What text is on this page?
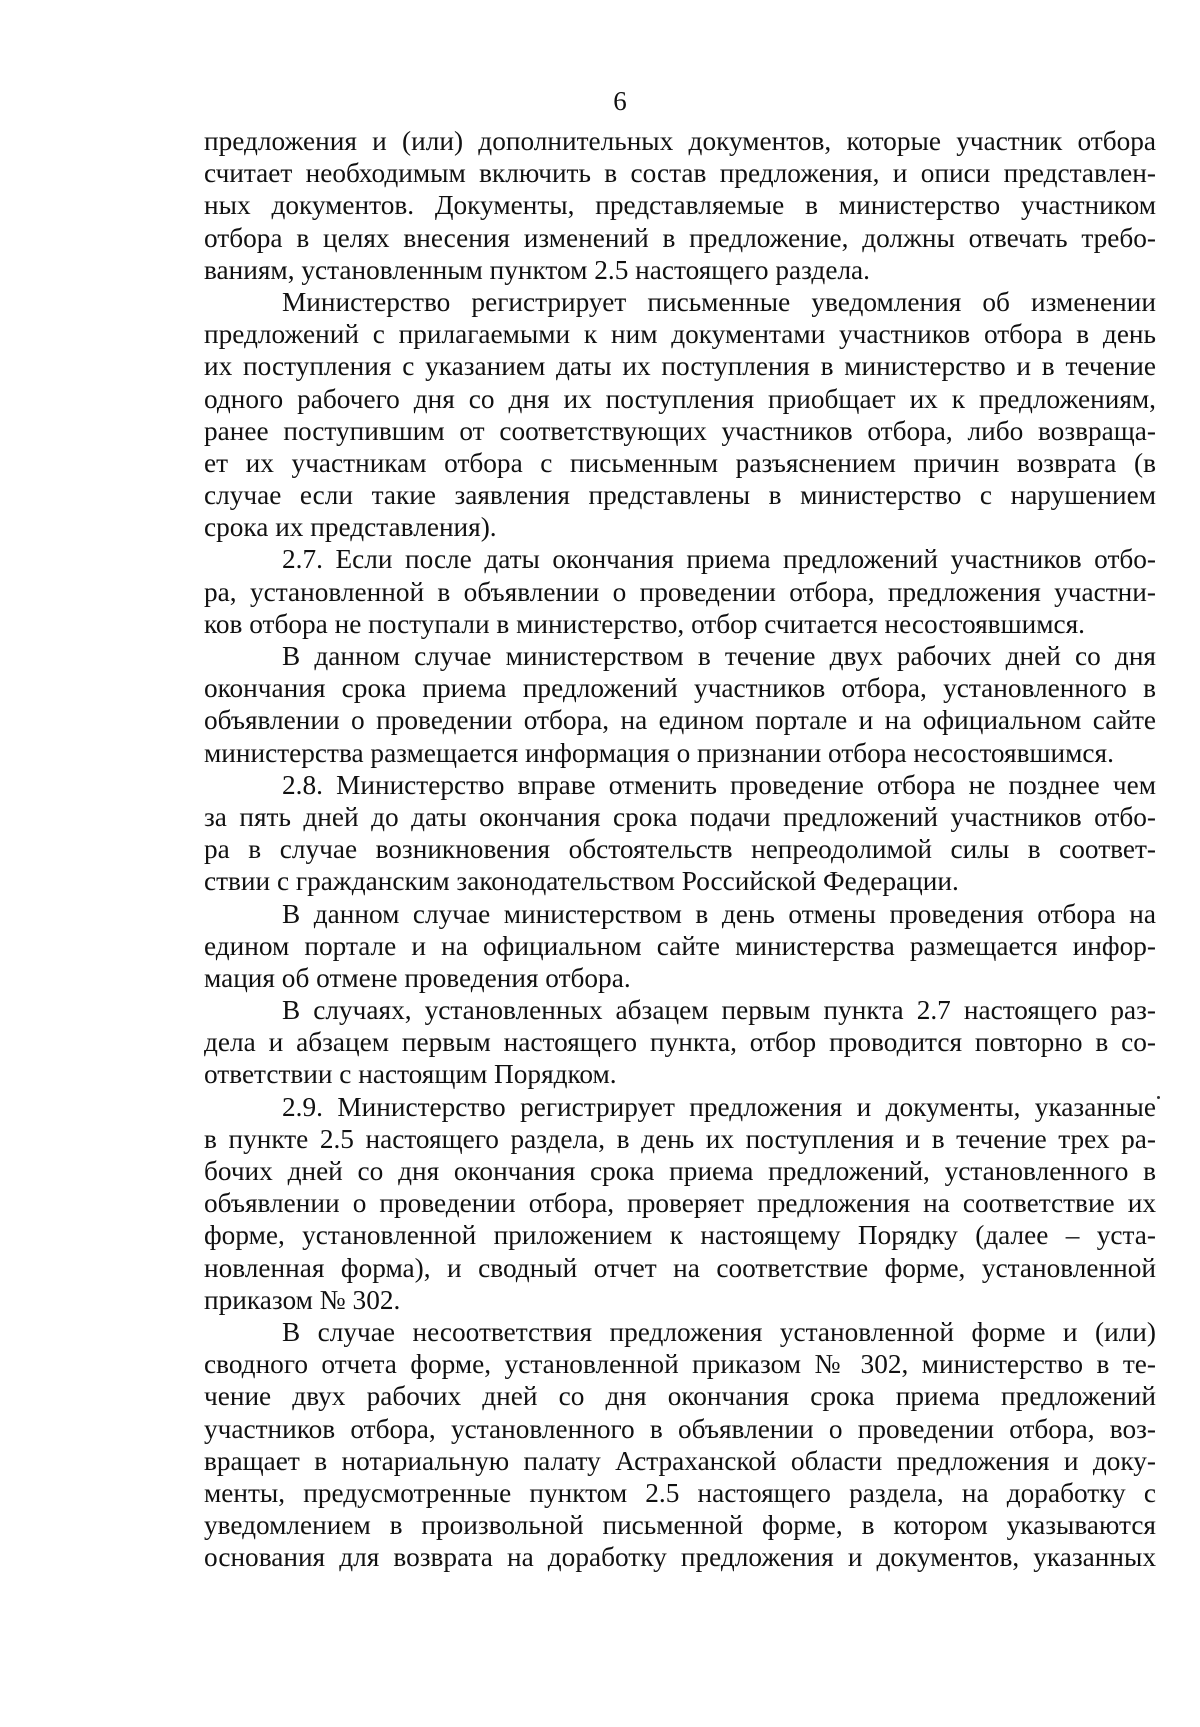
6
предложения и (или) дополнительных документов, которые участник отбора
считает необходимым включить в состав предложения, и описи представлен-
ных документов. Документы, представляемые в министерство участником
отбора в целях внесения изменений в предложение, должны отвечать требо-
ваниям, установленным пунктом 2.5 настоящего раздела.
Министерство регистрирует письменные уведомления об изменении
предложений с прилагаемыми к ним документами участников отбора в день
их поступления с указанием даты их поступления в министерство и в течение
одного рабочего дня со дня их поступления приобщает их к предложениям,
ранее поступившим от соответствующих участников отбора, либо возвраща-
ет их участникам отбора с письменным разъяснением причин возврата (в
случае если такие заявления представлены в министерство с нарушением
срока их представления).
2.7. Если после даты окончания приема предложений участников отбо-
ра, установленной в объявлении о проведении отбора, предложения участни-
ков отбора не поступали в министерство, отбор считается несостоявшимся.
В данном случае министерством в течение двух рабочих дней со дня
окончания срока приема предложений участников отбора, установленного в
объявлении о проведении отбора, на едином портале и на официальном сайте
министерства размещается информация о признании отбора несостоявшимся.
2.8. Министерство вправе отменить проведение отбора не позднее чем
за пять дней до даты окончания срока подачи предложений участников отбо-
ра в случае возникновения обстоятельств непреодолимой силы в соответ-
ствии с гражданским законодательством Российской Федерации.
В данном случае министерством в день отмены проведения отбора на
едином портале и на официальном сайте министерства размещается инфор-
мация об отмене проведения отбора.
В случаях, установленных абзацем первым пункта 2.7 настоящего раз-
дела и абзацем первым настоящего пункта, отбор проводится повторно в со-
ответствии с настоящим Порядком.
2.9. Министерство регистрирует предложения и документы, указанные
в пункте 2.5 настоящего раздела, в день их поступления и в течение трех ра-
бочих дней со дня окончания срока приема предложений, установленного в
объявлении о проведении отбора, проверяет предложения на соответствие их
форме, установленной приложением к настоящему Порядку (далее – уста-
новленная форма), и сводный отчет на соответствие форме, установленной
приказом № 302.
В случае несоответствия предложения установленной форме и (или)
сводного отчета форме, установленной приказом № 302, министерство в те-
чение двух рабочих дней со дня окончания срока приема предложений
участников отбора, установленного в объявлении о проведении отбора, воз-
вращает в нотариальную палату Астраханской области предложения и доку-
менты, предусмотренные пунктом 2.5 настоящего раздела, на доработку с
уведомлением в произвольной письменной форме, в котором указываются
основания для возврата на доработку предложения и документов, указанных
